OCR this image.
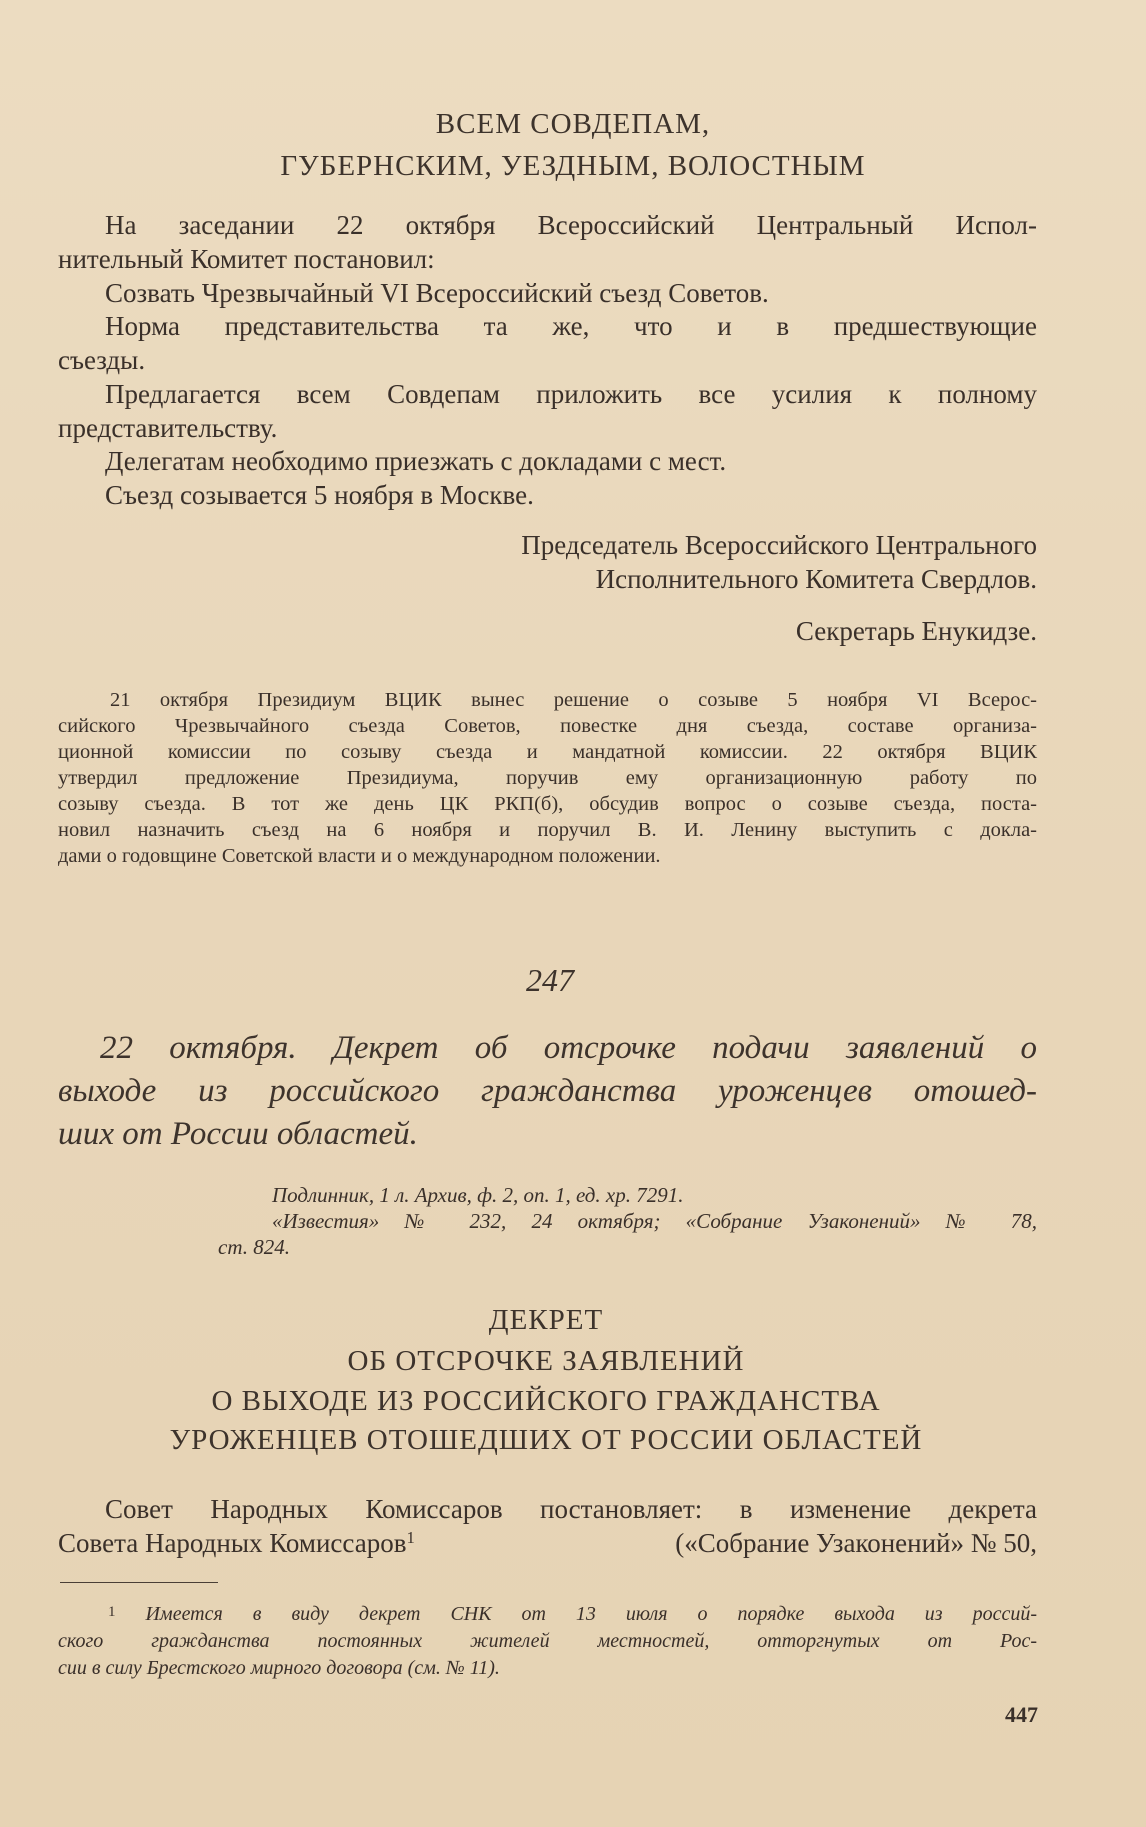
ВСЕМ СОВДЕПАМ,
ГУБЕРНСКИМ, УЕЗДНЫМ, ВОЛОСТНЫМ
На заседании 22 октября Всероссийский Центральный Испол-
нительный Комитет постановил:
Созвать Чрезвычайный VI Всероссийский съезд Советов.
Норма представительства та же, что и в предшествующие
съезды.
Предлагается всем Совдепам приложить все усилия к полному
представительству.
Делегатам необходимо приезжать с докладами с мест.
Съезд созывается 5 ноября в Москве.
Председатель Всероссийского Центрального
Исполнительного Комитета Свердлов.
Секретарь Енукидзе.
21 октября Президиум ВЦИК вынес решение о созыве 5 ноября VI Всерос-
сийского Чрезвычайного съезда Советов, повестке дня съезда, составе организа-
ционной комиссии по созыву съезда и мандатной комиссии. 22 октября ВЦИК
утвердил предложение Президиума, поручив ему организационную работу по
созыву съезда. В тот же день ЦК РКП(б), обсудив вопрос о созыве съезда, поста-
новил назначить съезд на 6 ноября и поручил В. И. Ленину выступить с докла-
дами о годовщине Советской власти и о международном положении.
247
22 октября. Декрет об отсрочке подачи заявлений о
выходе из российского гражданства уроженцев отошед-
ших от России областей.
Подлинник, 1 л. Архив, ф. 2, оп. 1, ед. хр. 7291.
«Известия» № 232, 24 октября; «Собрание Узаконений» № 78,
ст. 824.
ДЕКРЕТ
ОБ ОТСРОЧКЕ ЗАЯВЛЕНИЙ
О ВЫХОДЕ ИЗ РОССИЙСКОГО ГРАЖДАНСТВА
УРОЖЕНЦЕВ ОТОШЕДШИХ ОТ РОССИИ ОБЛАСТЕЙ
Совет Народных Комиссаров постановляет: в изменение декрета
Совета Народных Комиссаров$^1$	(«Собрание Узаконений» № 50,
$^1$ Имеется в виду декрет СНК от 13 июля о порядке выхода из россий-
ского гражданства постоянных жителей местностей, отторгнутых от Рос-
сии в силу Брестского мирного договора (см. № 11).
447
